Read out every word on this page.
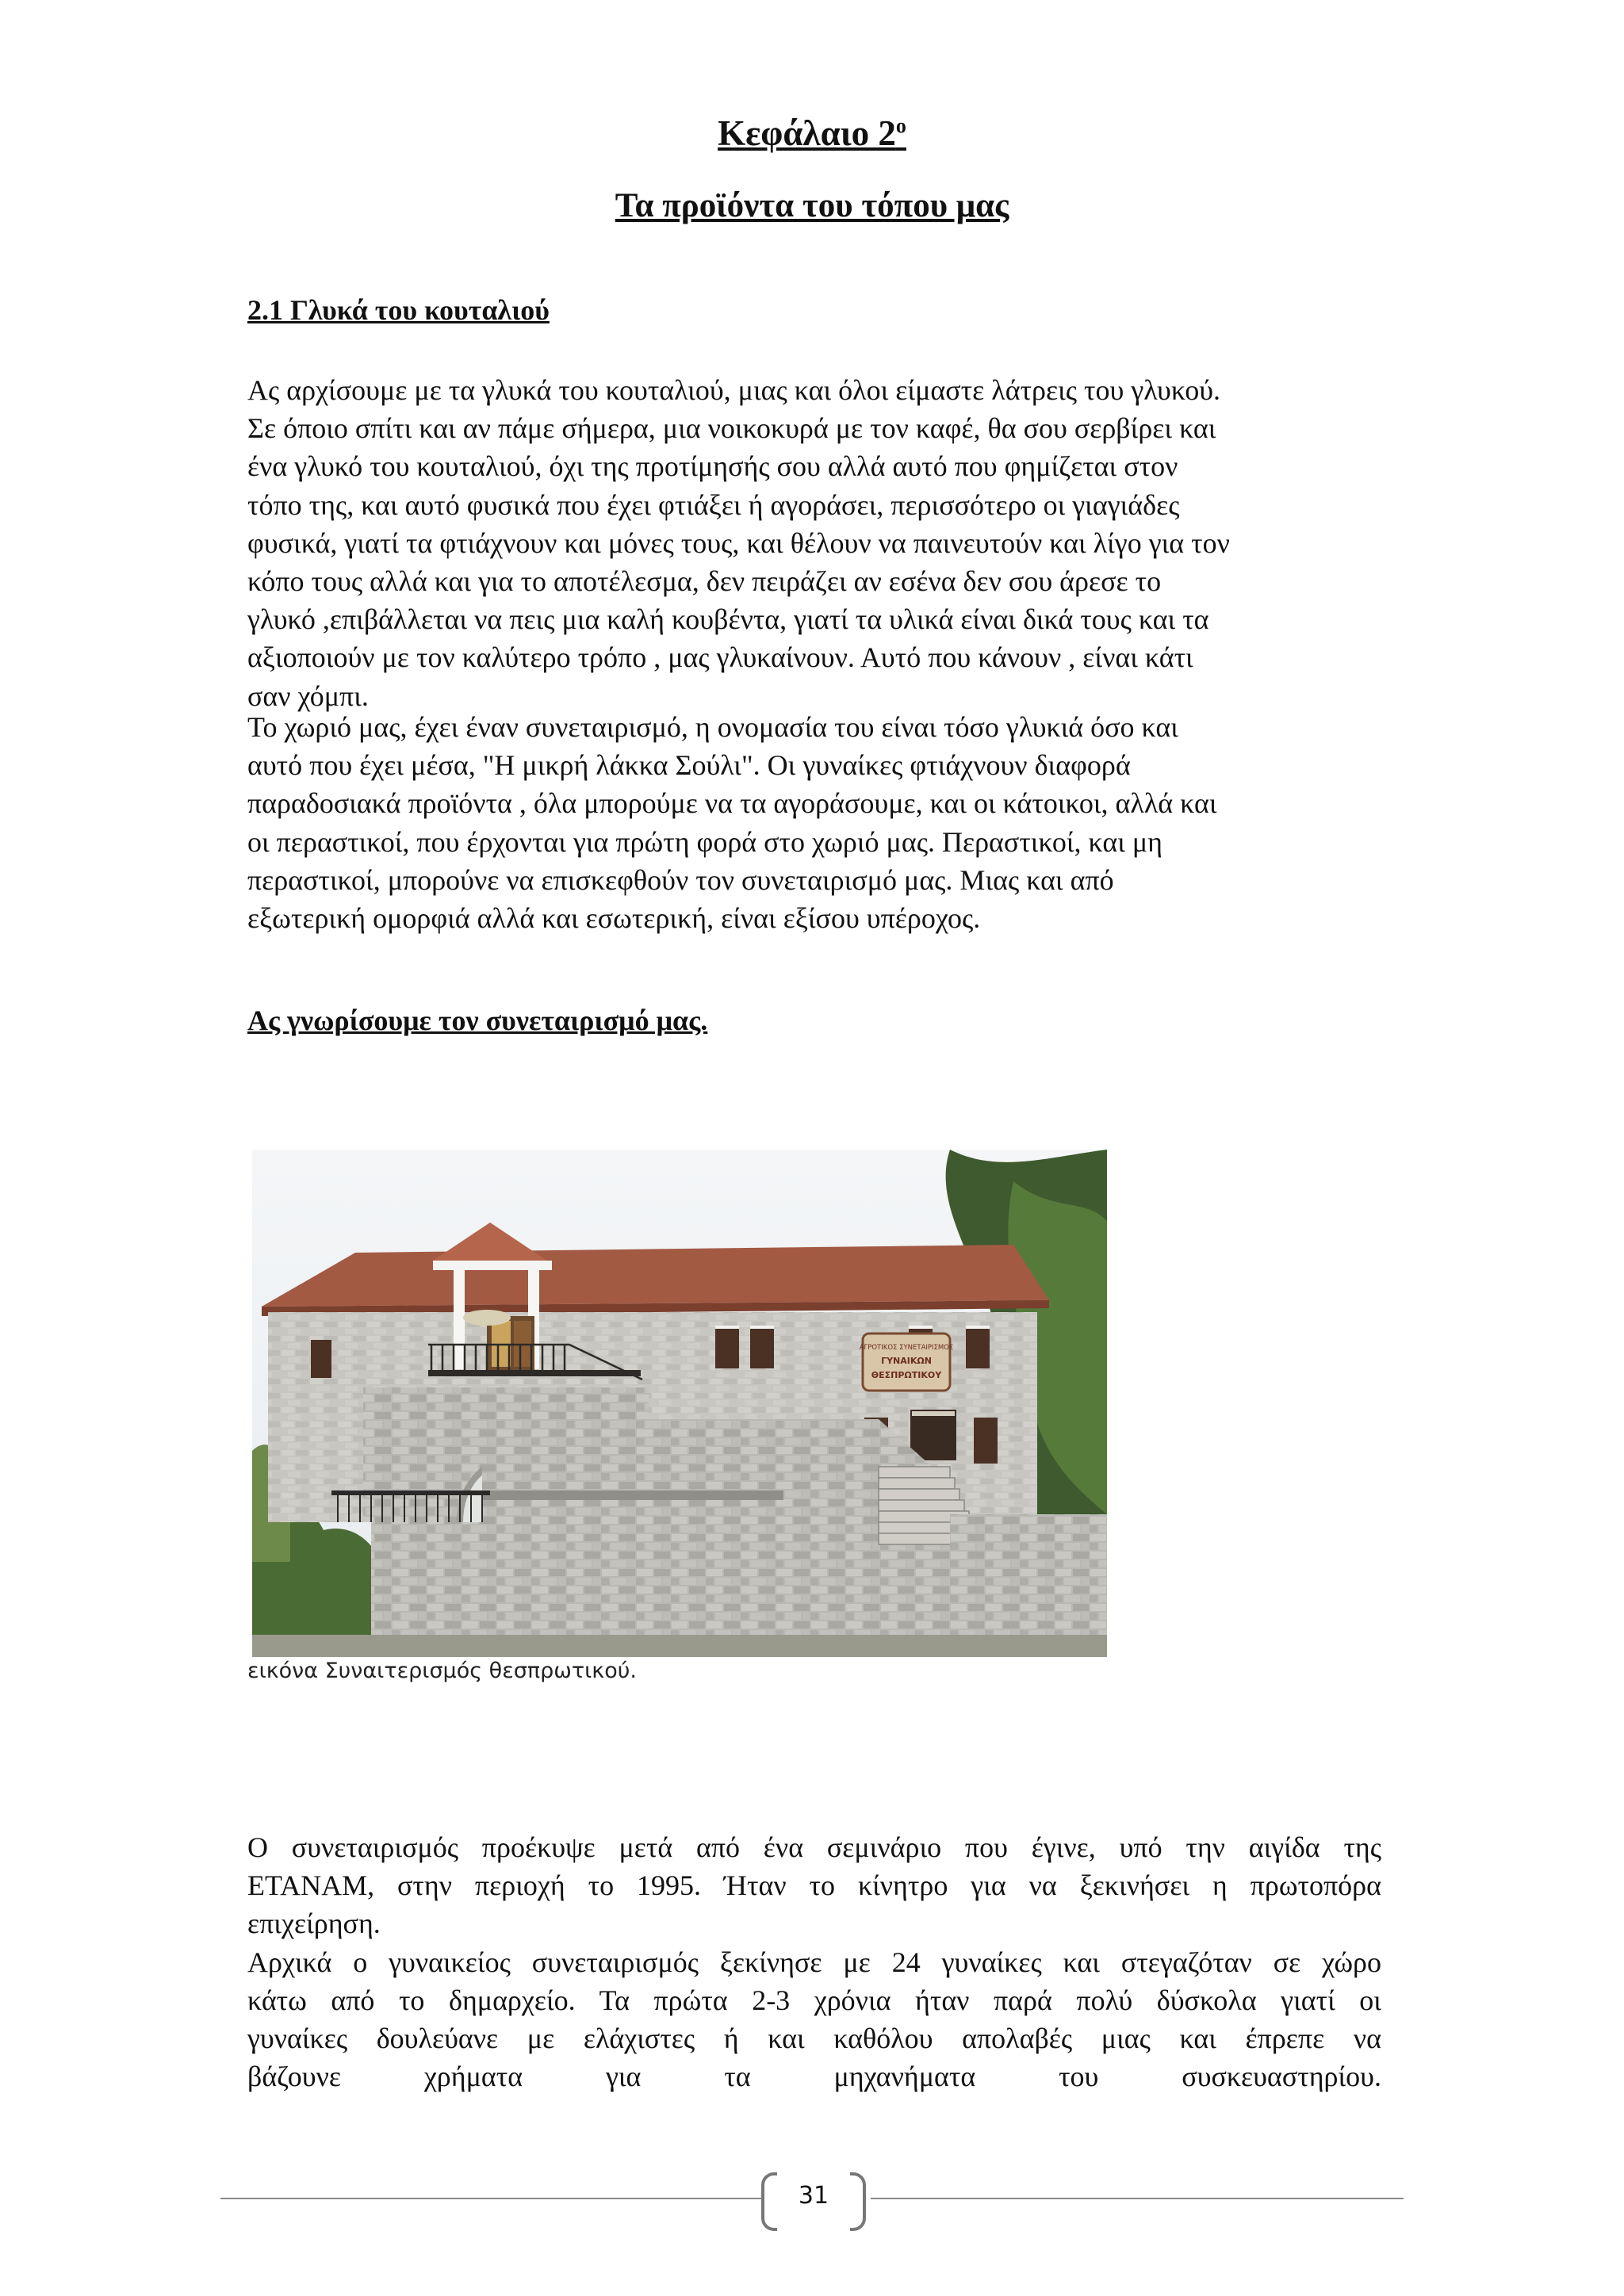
Κεφάλαιο $2^o$
Τα προϊόντα του τόπου μας
2.1 Γλυκά του κουταλιού
Ας αρχίσουμε με τα γλυκά του κουταλιού, μιας και όλοι είμαστε λάτρεις του γλυκού.
Σε όποιο σπίτι και αν πάμε σήμερα, μια νοικοκυρά με τον καφέ, θα σου σερβίρει και
ένα γλυκό του κουταλιού, όχι της προτίμησής σου αλλά αυτό που φημίζεται στον
τόπο της, και αυτό φυσικά που έχει φτιάξει ή αγοράσει, περισσότερο οι γιαγιάδες
φυσικά, γιατί τα φτιάχνουν και μόνες τους, και θέλουν να παινευτούν και λίγο για τον
κόπο τους αλλά και για το αποτέλεσμα, δεν πειράζει αν εσένα δεν σου άρεσε το
γλυκό ,επιβάλλεται να πεις μια καλή κουβέντα, γιατί τα υλικά είναι δικά τους και τα
αξιοποιούν με τον καλύτερο τρόπο , μας γλυκαίνουν. Αυτό που κάνουν , είναι κάτι
σαν χόμπι.
Το χωριό μας, έχει έναν συνεταιρισμό, η ονομασία του είναι τόσο γλυκιά όσο και
αυτό που έχει μέσα, "Η μικρή λάκκα Σούλι". Οι γυναίκες φτιάχνουν διαφορά
παραδοσιακά προϊόντα , όλα μπορούμε να τα αγοράσουμε, και οι κάτοικοι, αλλά και
οι περαστικοί, που έρχονται για πρώτη φορά στο χωριό μας. Περαστικοί, και μη
περαστικοί, μπορούνε να επισκεφθούν τον συνεταιρισμό μας. Μιας και από
εξωτερική ομορφιά αλλά και εσωτερική, είναι εξίσου υπέροχος.
Ας γνωρίσουμε τον συνεταιρισμό μας.
ΑΓΡΟΤΙΚΟΣ ΣΥΝΕΤΑΙΡΙΣΜΟΣ
ΓΥΝΑΙΚΩΝ
ΘΕΣΠΡΩΤΙΚΟΥ
εικόνα Συναιτερισμός θεσπρωτικού.
Ο συνεταιρισμός προέκυψε μετά από ένα σεμινάριο που έγινε, υπό την αιγίδα της
ΕΤΑΝΑΜ, στην περιοχή το 1995. Ήταν το κίνητρο για να ξεκινήσει η πρωτοπόρα
επιχείρηση.
Αρχικά ο γυναικείος συνεταιρισμός ξεκίνησε με 24 γυναίκες και στεγαζόταν σε χώρο
κάτω από το δημαρχείο. Τα πρώτα 2-3 χρόνια ήταν παρά πολύ δύσκολα γιατί οι
γυναίκες δουλεύανε με ελάχιστες ή και καθόλου απολαβές μιας και έπρεπε να
βάζουνε χρήματα για τα μηχανήματα του συσκευαστηρίου.
31
